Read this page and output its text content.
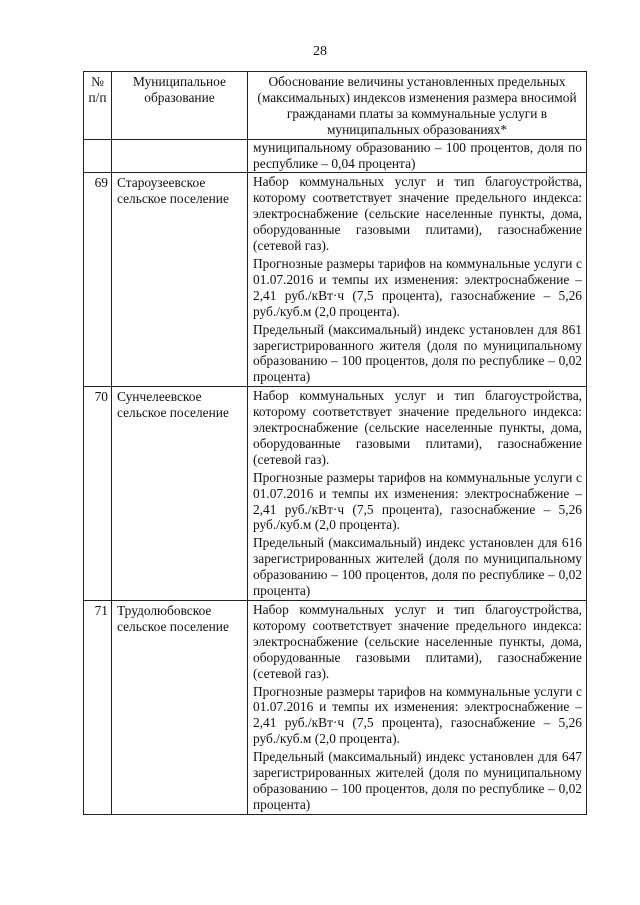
28
№ п/п	Муниципальное образование	Обоснование величины установленных предельных (максимальных) индексов изменения размера вносимой гражданами платы за коммунальные услуги в муниципальных образованиях*

		муниципальному образованию – 100 процентов, доля по республике – 0,04 процента)

69	Староузеевское сельское поселение	Набор коммунальных услуг и тип благоустройства, которому соответствует значение предельного индекса: электроснабжение (сельские населенные пункты, дома, оборудованные газовыми плитами), газоснабжение (сетевой газ).

Прогнозные размеры тарифов на коммунальные услуги с 01.07.2016 и темпы их изменения: электроснабжение – 2,41 руб./кВт·ч (7,5 процента), газоснабжение – 5,26 руб./куб.м (2,0 процента).

Предельный (максимальный) индекс установлен для 861 зарегистрированного жителя (доля по муниципальному образованию – 100 процентов, доля по республике – 0,02 процента)

70	Сунчелеевское сельское поселение	Набор коммунальных услуг и тип благоустройства, которому соответствует значение предельного индекса: электроснабжение (сельские населенные пункты, дома, оборудованные газовыми плитами), газоснабжение (сетевой газ).

Прогнозные размеры тарифов на коммунальные услуги с 01.07.2016 и темпы их изменения: электроснабжение – 2,41 руб./кВт·ч (7,5 процента), газоснабжение – 5,26 руб./куб.м (2,0 процента).

Предельный (максимальный) индекс установлен для 616 зарегистрированных жителей (доля по муниципальному образованию – 100 процентов, доля по республике – 0,02 процента)

71	Трудолюбовское сельское поселение	Набор коммунальных услуг и тип благоустройства, которому соответствует значение предельного индекса: электроснабжение (сельские населенные пункты, дома, оборудованные газовыми плитами), газоснабжение (сетевой газ).

Прогнозные размеры тарифов на коммунальные услуги с 01.07.2016 и темпы их изменения: электроснабжение – 2,41 руб./кВт·ч (7,5 процента), газоснабжение – 5,26 руб./куб.м (2,0 процента).

Предельный (максимальный) индекс установлен для 647 зарегистрированных жителей (доля по муниципальному образованию – 100 процентов, доля по республике – 0,02 процента)
